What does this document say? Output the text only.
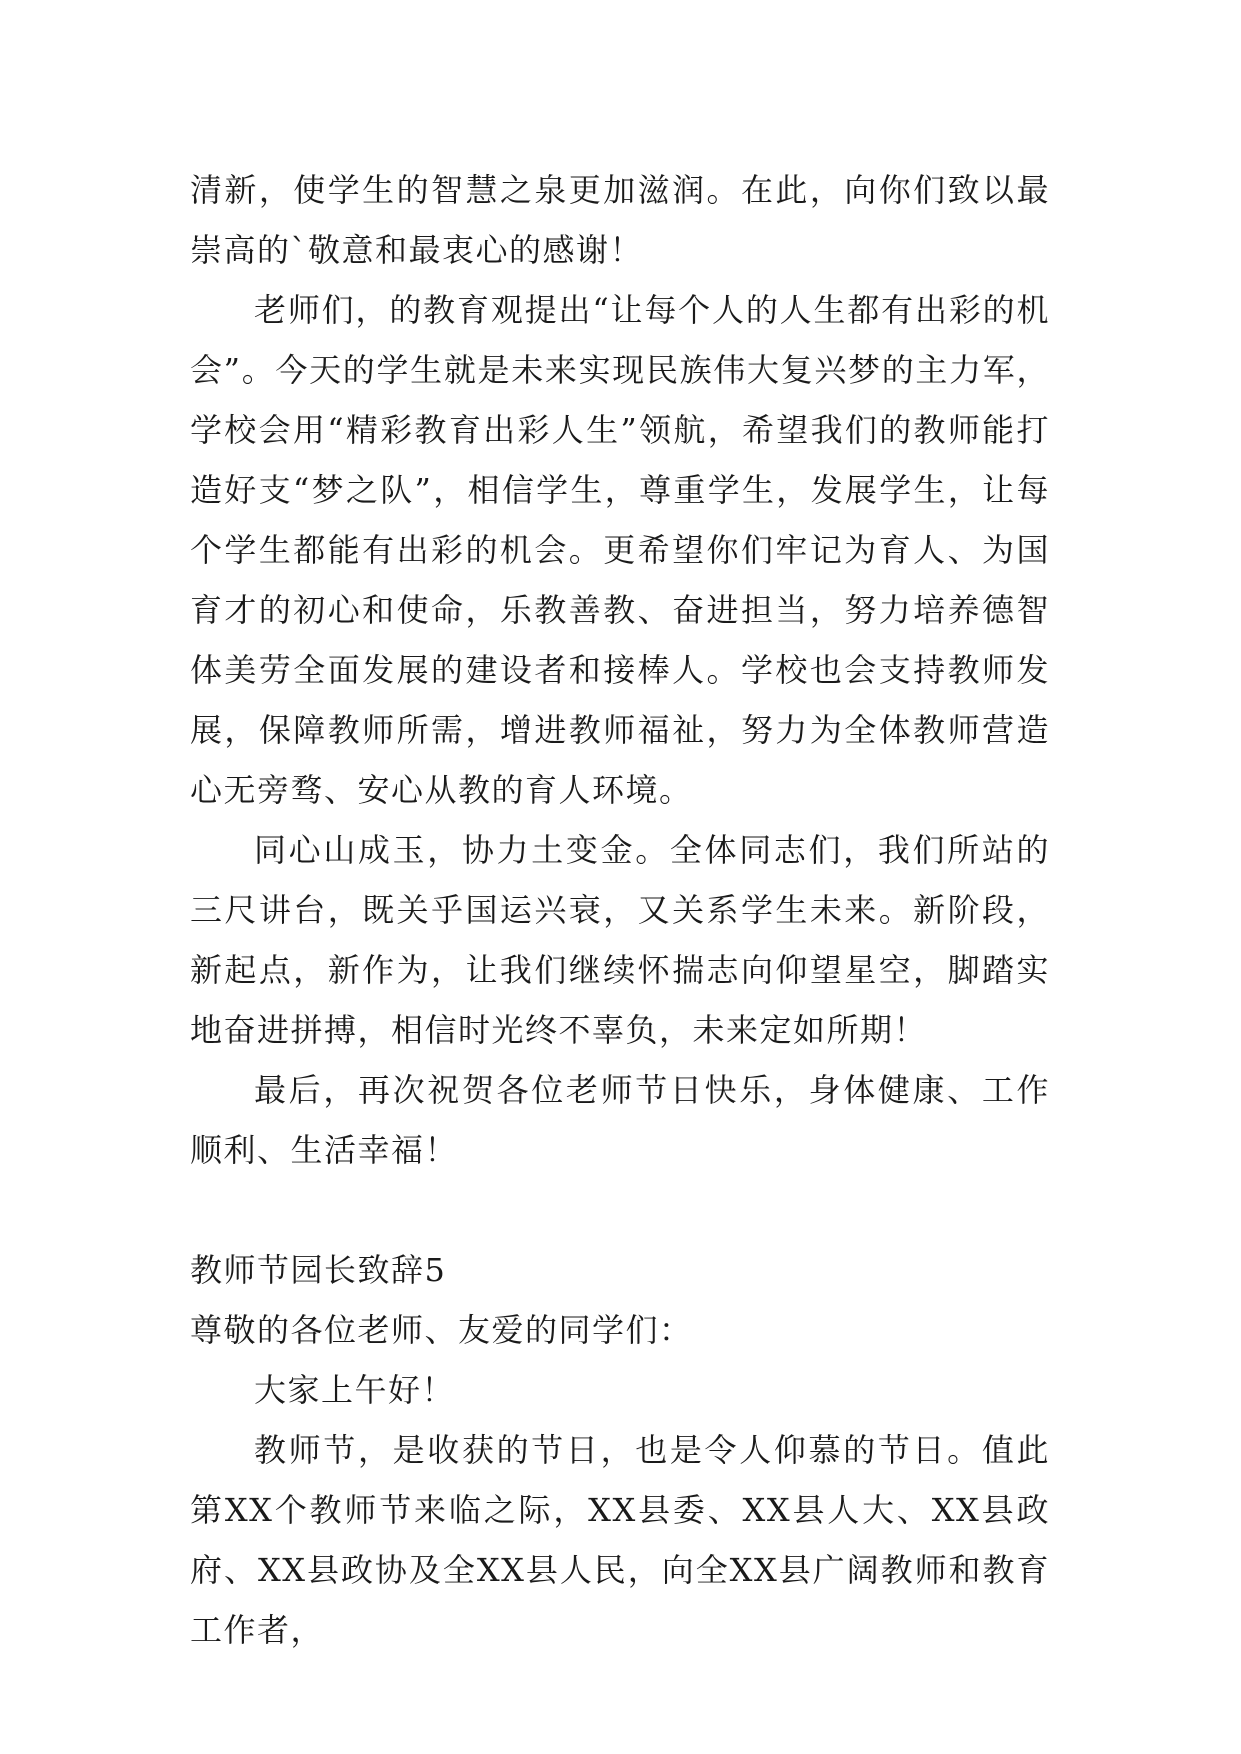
清新，使学生的智慧之泉更加滋润。在此，向你们致以最崇高的`敬意和最衷心的感谢！

老师们，的教育观提出“让每个人的人生都有出彩的机会”。今天的学生就是未来实现民族伟大复兴梦的主力军，学校会用“精彩教育出彩人生”领航，希望我们的教师能打造好支“梦之队”，相信学生，尊重学生，发展学生，让每个学生都能有出彩的机会。更希望你们牢记为育人、为国育才的初心和使命，乐教善教、奋进担当，努力培养德智体美劳全面发展的建设者和接棒人。学校也会支持教师发展，保障教师所需，增进教师福祉，努力为全体教师营造心无旁骛、安心从教的育人环境。

同心山成玉，协力土变金。全体同志们，我们所站的三尺讲台，既关乎国运兴衰，又关系学生未来。新阶段，新起点，新作为，让我们继续怀揣志向仰望星空，脚踏实地奋进拼搏，相信时光终不辜负，未来定如所期！

最后，再次祝贺各位老师节日快乐，身体健康、工作顺利、生活幸福！

教师节园长致辞5

尊敬的各位老师、友爱的同学们：

大家上午好！

教师节，是收获的节日，也是令人仰慕的节日。值此第XX个教师节来临之际，XX县委、XX县人大、XX县政府、XX县政协及全XX县人民，向全XX县广阔教师和教育工作者，
